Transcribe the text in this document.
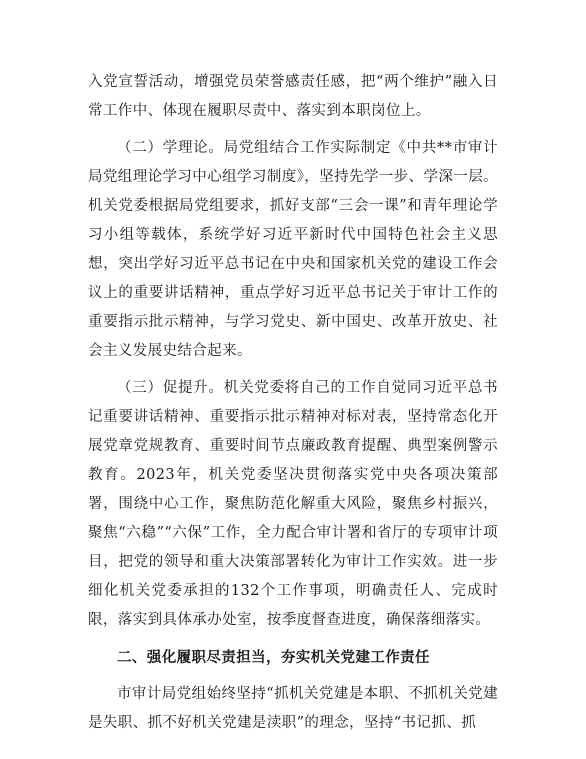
入党宣誓活动，增强党员荣誉感责任感，把“两个维护”融入日常工作中、体现在履职尽责中、落实到本职岗位上。

（二）学理论。局党组结合工作实际制定《中共**市审计局党组理论学习中心组学习制度》，坚持先学一步、学深一层。机关党委根据局党组要求，抓好支部“三会一课”和青年理论学习小组等载体，系统学好习近平新时代中国特色社会主义思想，突出学好习近平总书记在中央和国家机关党的建设工作会议上的重要讲话精神，重点学好习近平总书记关于审计工作的重要指示批示精神，与学习党史、新中国史、改革开放史、社会主义发展史结合起来。

（三）促提升。机关党委将自己的工作自觉同习近平总书记重要讲话精神、重要指示批示精神对标对表，坚持常态化开展党章党规教育、重要时间节点廉政教育提醒、典型案例警示教育。2023年，机关党委坚决贯彻落实党中央各项决策部署，围绕中心工作，聚焦防范化解重大风险，聚焦乡村振兴，聚焦“六稳”“六保”工作，全力配合审计署和省厅的专项审计项目，把党的领导和重大决策部署转化为审计工作实效。进一步细化机关党委承担的132个工作事项，明确责任人、完成时限，落实到具体承办处室，按季度督查进度，确保落细落实。

二、强化履职尽责担当，夯实机关党建工作责任

市审计局党组始终坚持“抓机关党建是本职、不抓机关党建是失职、抓不好机关党建是渎职”的理念，坚持“书记抓、抓
